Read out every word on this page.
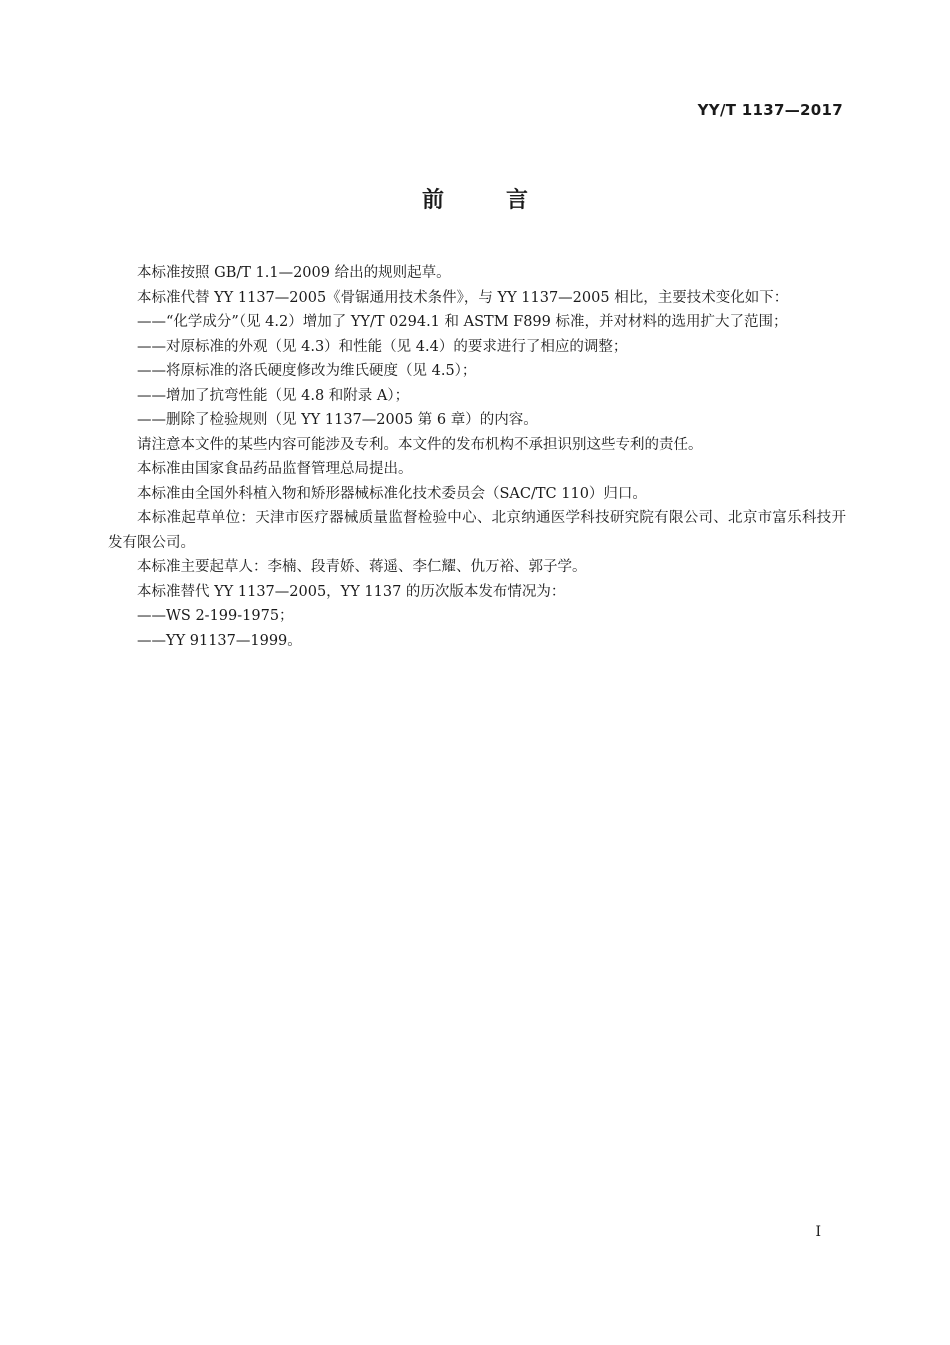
YY/T 1137—2017
前言

本标准按照 GB/T 1.1—2009 给出的规则起草。

本标准代替 YY 1137—2005《骨锯通用技术条件》，与 YY 1137—2005 相比，主要技术变化如下：

——“化学成分”（见 4.2）增加了 YY/T 0294.1 和 ASTM F899 标准，并对材料的选用扩大了范围；

——对原标准的外观（见 4.3）和性能（见 4.4）的要求进行了相应的调整；

——将原标准的洛氏硬度修改为维氏硬度（见 4.5）；

——增加了抗弯性能（见 4.8 和附录 A）；

——删除了检验规则（见 YY 1137—2005 第 6 章）的内容。

请注意本文件的某些内容可能涉及专利。本文件的发布机构不承担识别这些专利的责任。

本标准由国家食品药品监督管理总局提出。

本标准由全国外科植入物和矫形器械标准化技术委员会（SAC/TC 110）归口。

本标准起草单位：天津市医疗器械质量监督检验中心、北京纳通医学科技研究院有限公司、北京市富乐科技开发有限公司。

本标准主要起草人：李楠、段青娇、蒋遥、李仁耀、仇万裕、郭子学。

本标准替代 YY 1137—2005，YY 1137 的历次版本发布情况为：

——WS 2-199-1975；

——YY 91137—1999。

I
